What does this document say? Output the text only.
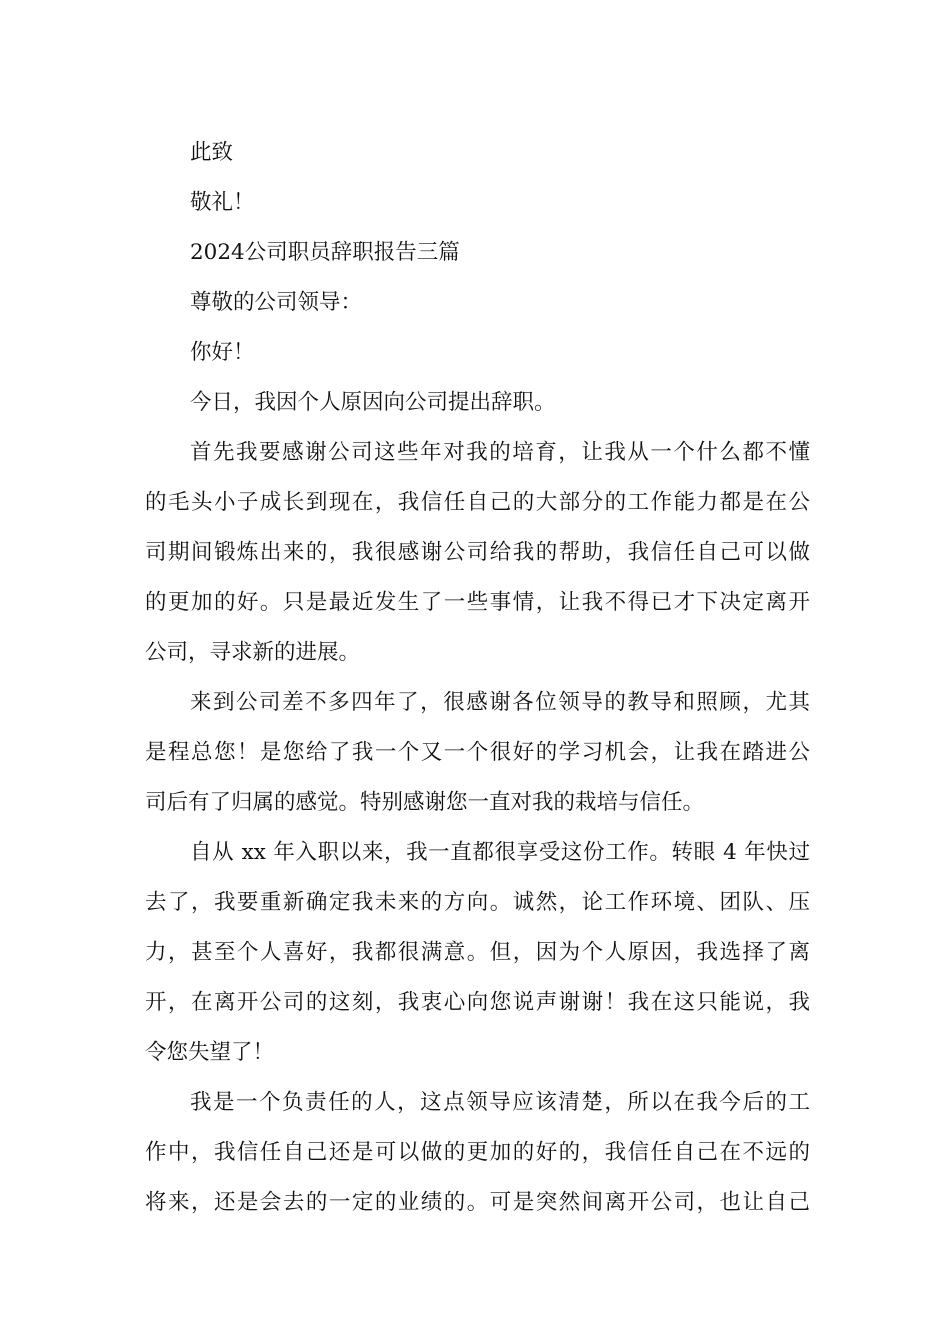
此致
敬礼！
2024公司职员辞职报告三篇
尊敬的公司领导：
你好！
今日，我因个人原因向公司提出辞职。
首先我要感谢公司这些年对我的培育，让我从一个什么都不懂
的毛头小子成长到现在，我信任自己的大部分的工作能力都是在公
司期间锻炼出来的，我很感谢公司给我的帮助，我信任自己可以做
的更加的好。只是最近发生了一些事情，让我不得已才下决定离开
公司，寻求新的进展。
来到公司差不多四年了，很感谢各位领导的教导和照顾，尤其
是程总您！是您给了我一个又一个很好的学习机会，让我在踏进公
司后有了归属的感觉。特别感谢您一直对我的栽培与信任。
自从 xx 年入职以来，我一直都很享受这份工作。转眼 4 年快过
去了，我要重新确定我未来的方向。诚然，论工作环境、团队、压
力，甚至个人喜好，我都很满意。但，因为个人原因，我选择了离
开，在离开公司的这刻，我衷心向您说声谢谢！我在这只能说，我
令您失望了！
我是一个负责任的人，这点领导应该清楚，所以在我今后的工
作中，我信任自己还是可以做的更加的好的，我信任自己在不远的
将来，还是会去的一定的业绩的。可是突然间离开公司，也让自己
